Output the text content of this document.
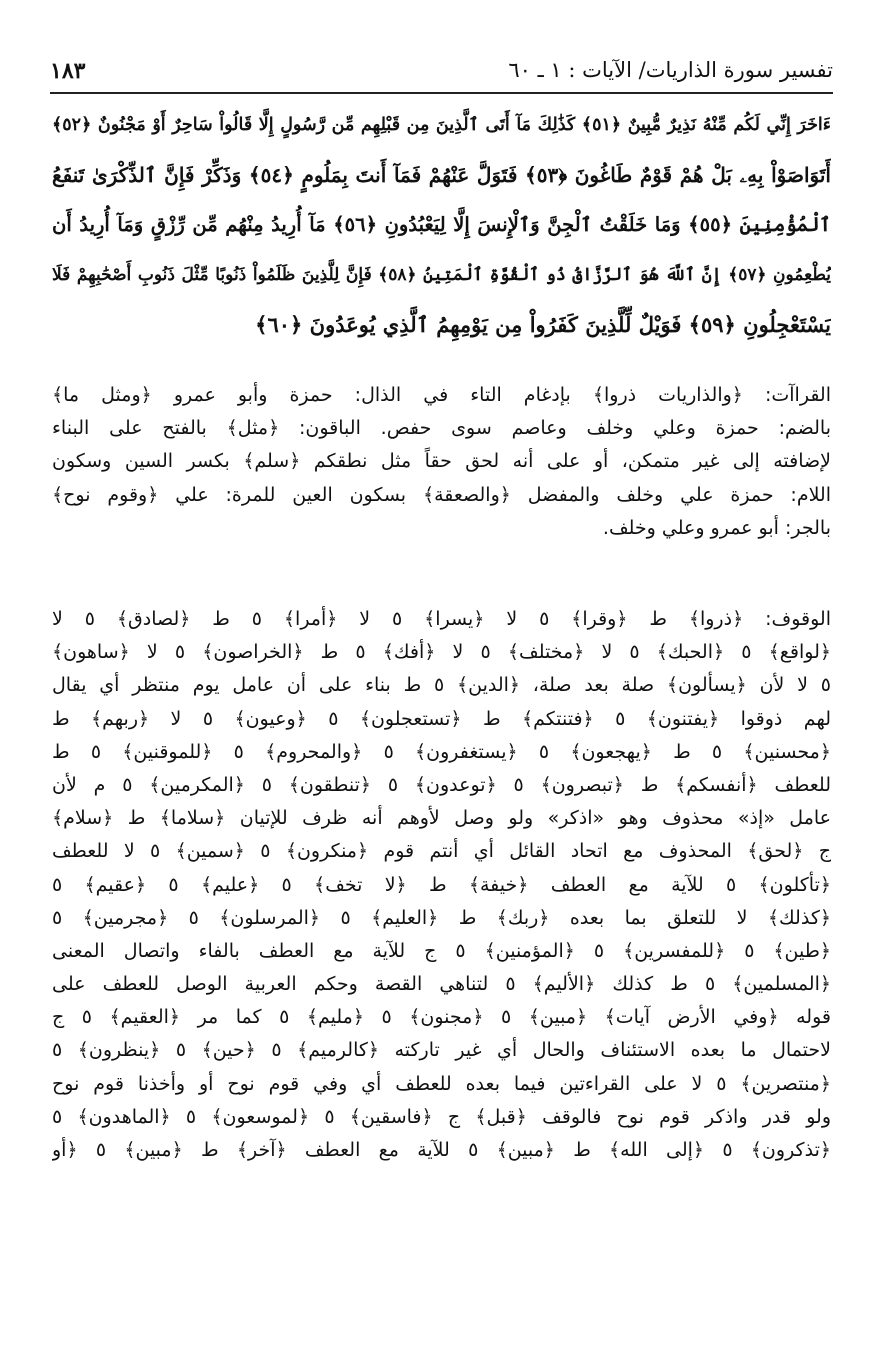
تفسير سورة الذاريات/ الآيات : ١ ـ ٦٠
١٨٣
ءَاخَرَ إِنِّي لَكُم مِّنْهُ نَذِيرٌ مُّبِينٌ ﴿٥١﴾ كَذَٰلِكَ مَآ أَتَى ٱلَّذِينَ مِن قَبْلِهِم مِّن رَّسُولٍ إِلَّا قَالُواْ سَاحِرٌ أَوْ مَجْنُونٌ ﴿٥٢﴾
أَتَوَاصَوْاْ بِهِۦ بَلْ هُمْ قَوْمٌ طَاغُونَ ﴿٥٣﴾ فَتَوَلَّ عَنْهُمْ فَمَآ أَنتَ بِمَلُومٍ ﴿٥٤﴾ وَذَكِّرْ فَإِنَّ ٱلذِّكْرَىٰ تَنفَعُ
ٱلْمُؤْمِنِينَ ﴿٥٥﴾ وَمَا خَلَقْتُ ٱلْجِنَّ وَٱلْإِنسَ إِلَّا لِيَعْبُدُونِ ﴿٥٦﴾ مَآ أُرِيدُ مِنْهُم مِّن رِّزْقٍ وَمَآ أُرِيدُ أَن
يُطْعِمُونِ ﴿٥٧﴾ إِنَّ ٱللَّهَ هُوَ ٱلرَّزَّاقُ ذُو ٱلْقُوَّةِ ٱلْمَتِينُ ﴿٥٨﴾ فَإِنَّ لِلَّذِينَ ظَلَمُواْ ذَنُوبًا مِّثْلَ ذَنُوبِ أَصْحَٰبِهِمْ فَلَا
يَسْتَعْجِلُونِ ﴿٥٩﴾ فَوَيْلٌ لِّلَّذِينَ كَفَرُواْ مِن يَوْمِهِمُ ٱلَّذِي يُوعَدُونَ ﴿٦٠﴾
القراآت: ﴿والذاريات ذروا﴾ بإدغام التاء في الذال: حمزة وأبو عمرو ﴿ومثل ما﴾
بالضم: حمزة وعلي وخلف وعاصم سوى حفص. الباقون: ﴿مثل﴾ بالفتح على البناء
لإضافته إلى غير متمكن، أو على أنه لحق حقاً مثل نطقكم ﴿سلم﴾ بكسر السين وسكون
اللام: حمزة علي وخلف والمفضل ﴿والصعقة﴾ بسكون العين للمرة: علي ﴿وقوم نوح﴾
بالجر: أبو عمرو وعلي وخلف.
الوقوف: ﴿ذروا﴾ ط ﴿وقرا﴾ ٥ لا ﴿يسرا﴾ ٥ لا ﴿أمرا﴾ ٥ ط ﴿لصادق﴾ ٥ لا
﴿لواقع﴾ ٥ ﴿الحبك﴾ ٥ لا ﴿مختلف﴾ ٥ لا ﴿أفك﴾ ٥ ط ﴿الخراصون﴾ ٥ لا ﴿ساهون﴾
٥ لا لأن ﴿يسألون﴾ صلة بعد صلة، ﴿الدين﴾ ٥ ط بناء على أن عامل يوم منتظر أي يقال
لهم ذوقوا ﴿يفتنون﴾ ٥ ﴿فتنتكم﴾ ط ﴿تستعجلون﴾ ٥ ﴿وعيون﴾ ٥ لا ﴿ربهم﴾ ط
﴿محسنين﴾ ٥ ط ﴿يهجعون﴾ ٥ ﴿يستغفرون﴾ ٥ ﴿والمحروم﴾ ٥ ﴿للموقنين﴾ ٥ ط
للعطف ﴿أنفسكم﴾ ط ﴿تبصرون﴾ ٥ ﴿توعدون﴾ ٥ ﴿تنطقون﴾ ٥ ﴿المكرمين﴾ ٥ م لأن
عامل «إذ» محذوف وهو «اذكر» ولو وصل لأوهم أنه ظرف للإتيان ﴿سلاما﴾ ط ﴿سلام﴾
ج ﴿لحق﴾ المحذوف مع اتحاد القائل أي أنتم قوم ﴿منكرون﴾ ٥ ﴿سمين﴾ ٥ لا للعطف
﴿تأكلون﴾ ٥ للآية مع العطف ﴿خيفة﴾ ط ﴿لا تخف﴾ ٥ ﴿عليم﴾ ٥ ﴿عقيم﴾ ٥
﴿كذلك﴾ لا للتعلق بما بعده ﴿ربك﴾ ط ﴿العليم﴾ ٥ ﴿المرسلون﴾ ٥ ﴿مجرمين﴾ ٥
﴿طين﴾ ٥ ﴿للمفسرين﴾ ٥ ﴿المؤمنين﴾ ٥ ج للآية مع العطف بالفاء واتصال المعنى
﴿المسلمين﴾ ٥ ط كذلك ﴿الأليم﴾ ٥ لتناهي القصة وحكم العربية الوصل للعطف على
قوله ﴿وفي الأرض آيات﴾ ﴿مبين﴾ ٥ ﴿مجنون﴾ ٥ ﴿مليم﴾ ٥ كما مر ﴿العقيم﴾ ٥ ج
لاحتمال ما بعده الاستئناف والحال أي غير تاركته ﴿كالرميم﴾ ٥ ﴿حين﴾ ٥ ﴿ينظرون﴾ ٥
﴿منتصرين﴾ ٥ لا على القراءتين فيما بعده للعطف أي وفي قوم نوح أو وأخذنا قوم نوح
ولو قدر واذكر قوم نوح فالوقف ﴿قبل﴾ ج ﴿فاسقين﴾ ٥ ﴿لموسعون﴾ ٥ ﴿الماهدون﴾ ٥
﴿تذكرون﴾ ٥ ﴿إلى الله﴾ ط ﴿مبين﴾ ٥ للآية مع العطف ﴿آخر﴾ ط ﴿مبين﴾ ٥ ﴿أو
